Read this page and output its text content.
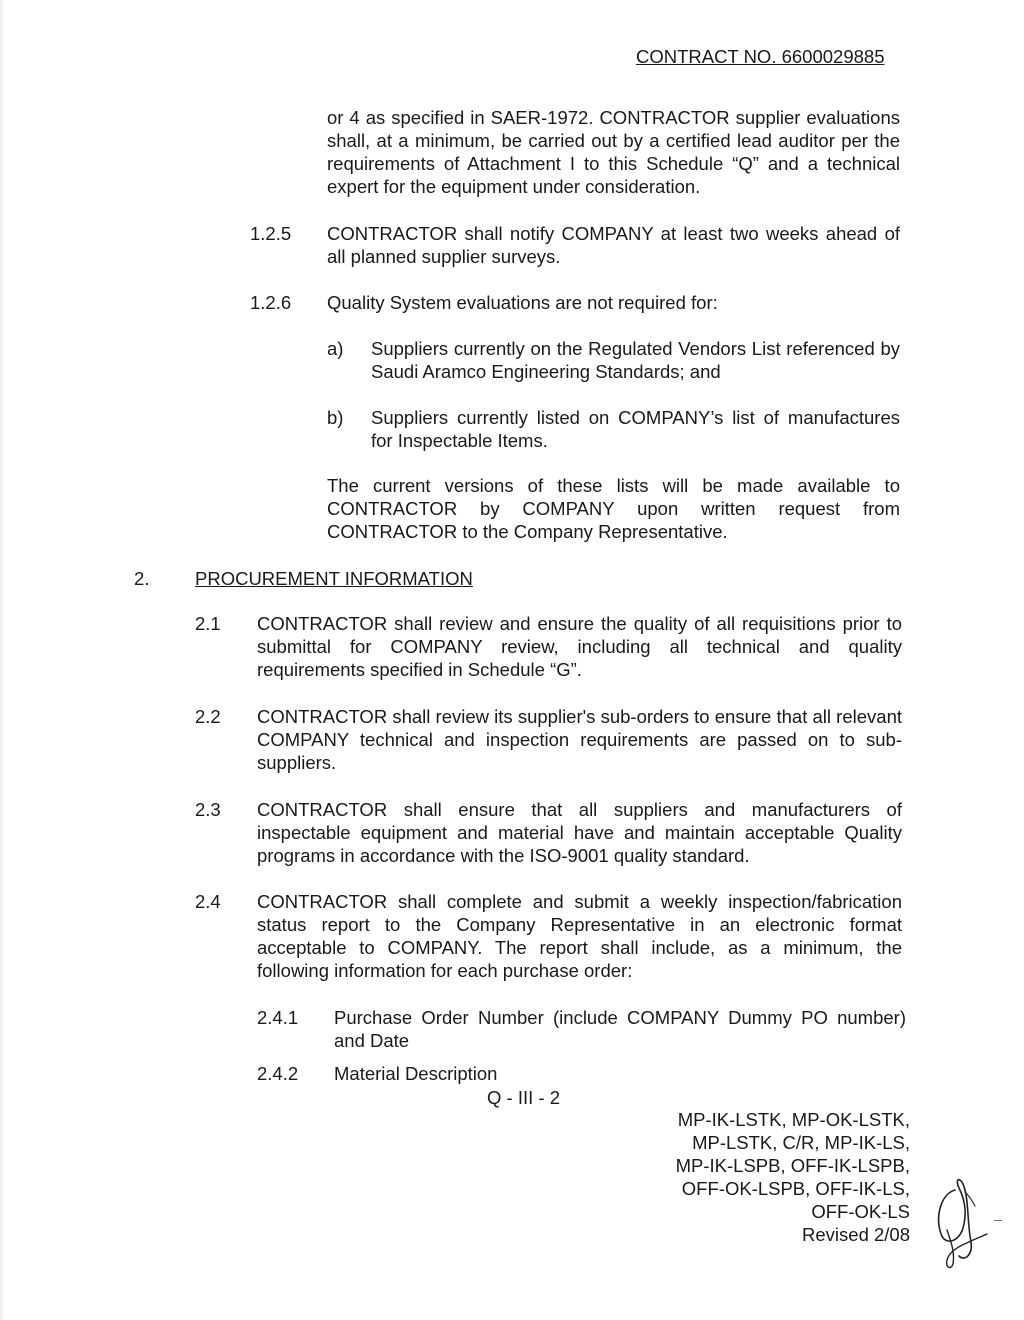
CONTRACT NO. 6600029885
or 4 as specified in SAER-1972. CONTRACTOR supplier evaluations shall, at a minimum, be carried out by a certified lead auditor per the requirements of Attachment I to this Schedule “Q” and a technical expert for the equipment under consideration.
1.2.5 CONTRACTOR shall notify COMPANY at least two weeks ahead of all planned supplier surveys.
1.2.6 Quality System evaluations are not required for:
a) Suppliers currently on the Regulated Vendors List referenced by Saudi Aramco Engineering Standards; and
b) Suppliers currently listed on COMPANY’s list of manufactures for Inspectable Items.
The current versions of these lists will be made available to CONTRACTOR by COMPANY upon written request from CONTRACTOR to the Company Representative.
2. PROCUREMENT INFORMATION
2.1 CONTRACTOR shall review and ensure the quality of all requisitions prior to submittal for COMPANY review, including all technical and quality requirements specified in Schedule “G”.
2.2 CONTRACTOR shall review its supplier's sub-orders to ensure that all relevant COMPANY technical and inspection requirements are passed on to sub-suppliers.
2.3 CONTRACTOR shall ensure that all suppliers and manufacturers of inspectable equipment and material have and maintain acceptable Quality programs in accordance with the ISO-9001 quality standard.
2.4 CONTRACTOR shall complete and submit a weekly inspection/fabrication status report to the Company Representative in an electronic format acceptable to COMPANY. The report shall include, as a minimum, the following information for each purchase order:
2.4.1 Purchase Order Number (include COMPANY Dummy PO number) and Date
2.4.2 Material Description
Q - III - 2
MP-IK-LSTK, MP-OK-LSTK,
MP-LSTK, C/R, MP-IK-LS,
MP-IK-LSPB, OFF-IK-LSPB,
OFF-OK-LSPB, OFF-IK-LS,
OFF-OK-LS
Revised 2/08
